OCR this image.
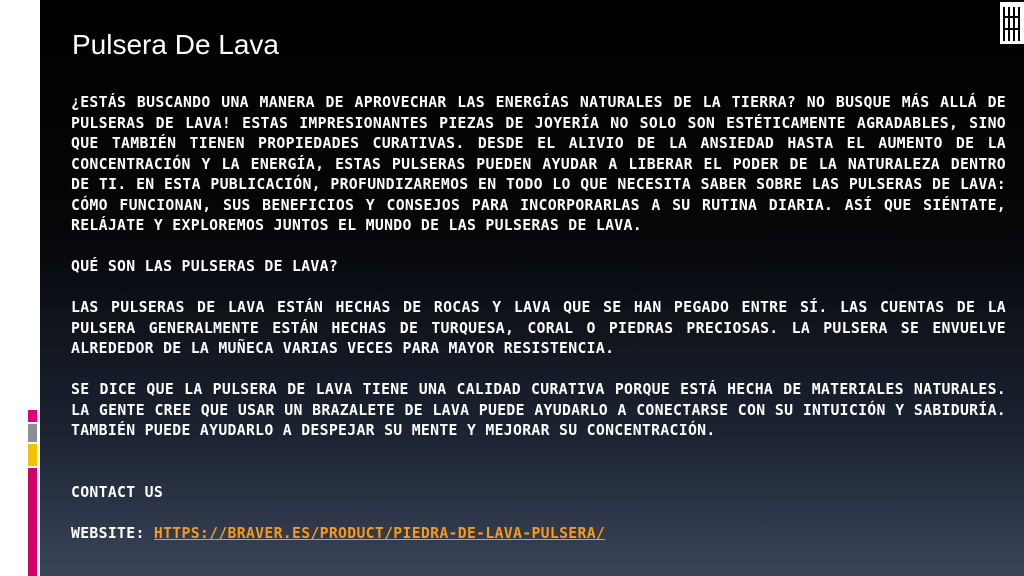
Pulsera De Lava

¿ESTÁS BUSCANDO UNA MANERA DE APROVECHAR LAS ENERGÍAS NATURALES DE LA TIERRA? NO BUSQUE MÁS ALLÁ DE PULSERAS DE LAVA! ESTAS IMPRESIONANTES PIEZAS DE JOYERÍA NO SOLO SON ESTÉTICAMENTE AGRADABLES, SINO QUE TAMBIÉN TIENEN PROPIEDADES CURATIVAS. DESDE EL ALIVIO DE LA ANSIEDAD HASTA EL AUMENTO DE LA CONCENTRACIÓN Y LA ENERGÍA, ESTAS PULSERAS PUEDEN AYUDAR A LIBERAR EL PODER DE LA NATURALEZA DENTRO DE TI. EN ESTA PUBLICACIÓN, PROFUNDIZAREMOS EN TODO LO QUE NECESITA SABER SOBRE LAS PULSERAS DE LAVA: CÓMO FUNCIONAN, SUS BENEFICIOS Y CONSEJOS PARA INCORPORARLAS A SU RUTINA DIARIA. ASÍ QUE SIÉNTATE, RELÁJATE Y EXPLOREMOS JUNTOS EL MUNDO DE LAS PULSERAS DE LAVA.

QUÉ SON LAS PULSERAS DE LAVA?

LAS PULSERAS DE LAVA ESTÁN HECHAS DE ROCAS Y LAVA QUE SE HAN PEGADO ENTRE SÍ. LAS CUENTAS DE LA PULSERA GENERALMENTE ESTÁN HECHAS DE TURQUESA, CORAL O PIEDRAS PRECIOSAS. LA PULSERA SE ENVUELVE ALREDEDOR DE LA MUÑECA VARIAS VECES PARA MAYOR RESISTENCIA.

SE DICE QUE LA PULSERA DE LAVA TIENE UNA CALIDAD CURATIVA PORQUE ESTÁ HECHA DE MATERIALES NATURALES. LA GENTE CREE QUE USAR UN BRAZALETE DE LAVA PUEDE AYUDARLO A CONECTARSE CON SU INTUICIÓN Y SABIDURÍA. TAMBIÉN PUEDE AYUDARLO A DESPEJAR SU MENTE Y MEJORAR SU CONCENTRACIÓN.

CONTACT US

WEBSITE: HTTPS://BRAVER.ES/PRODUCT/PIEDRA-DE-LAVA-PULSERA/
